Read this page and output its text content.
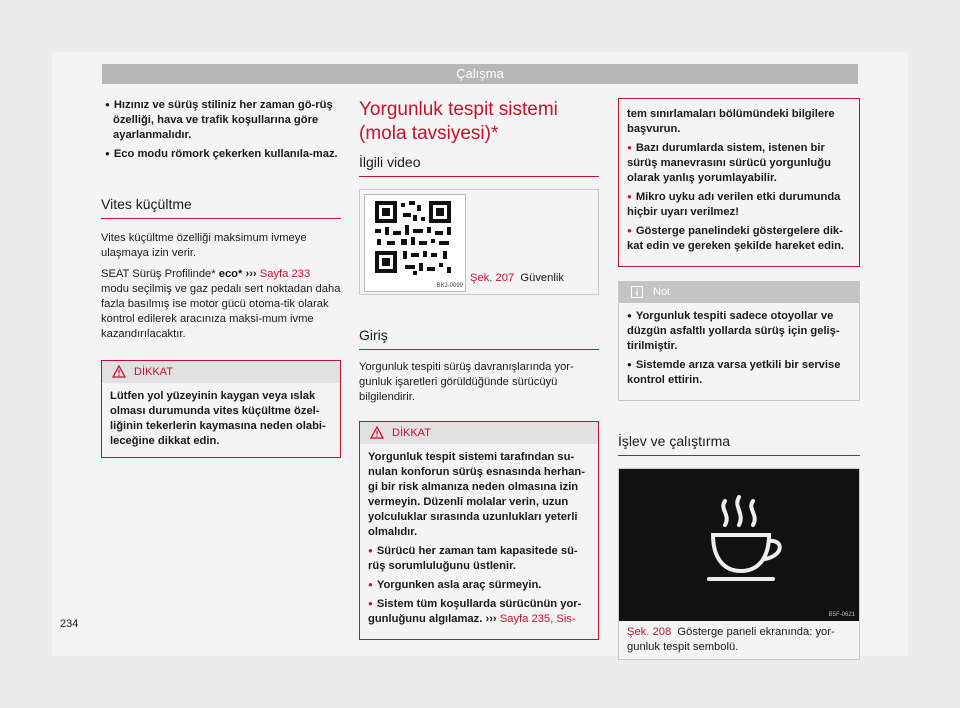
Çalışma
● Hızınız ve sürüş stiliniz her zaman gö-rüş özelliği, hava ve trafik koşullarına göre ayarlanmalıdır.
● Eco modu römork çekerken kullanıla-maz.
Vites küçültme
Vites küçültme özelliği maksimum ivmeye ulaşmaya izin verir.
SEAT Sürüş Profilinde* eco* ››› Sayfa 233 modu seçilmiş ve gaz pedalı sert noktadan daha fazla basılmış ise motor gücü otoma-tik olarak kontrol edilerek aracınıza maksi-mum ivme kazandırılacaktır.
DİKKAT
Lütfen yol yüzeyinin kaygan veya ıslak olması durumunda vites küçültme özel-liğinin tekerlerin kaymasına neden olabi-leceğine dikkat edin.
Yorgunluk tespit sistemi (mola tavsiyesi)*
İlgili video
BKJ-0099
Şek. 207 Güvenlik
Giriş
Yorgunluk tespiti sürüş davranışlarında yor-gunluk işaretleri görüldüğünde sürücüyü bilgilendirir.
DİKKAT
Yorgunluk tespit sistemi tarafından su-nulan konforun sürüş esnasında herhan-gi bir risk almanıza neden olmasına izin vermeyin. Düzenli molalar verin, uzun yolculuklar sırasında uzunlukları yeterli olmalıdır.
● Sürücü her zaman tam kapasitede sü-rüş sorumluluğunu üstlenir.
● Yorgunken asla araç sürmeyin.
● Sistem tüm koşullarda sürücünün yor-gunluğunu algılamaz. ››› Sayfa 235, Sis-
tem sınırlamaları bölümündeki bilgilere başvurun.
● Bazı durumlarda sistem, istenen bir sürüş manevrasını sürücü yorgunluğu olarak yanlış yorumlayabilir.
● Mikro uyku adı verilen etki durumunda hiçbir uyarı verilmez!
● Gösterge panelindeki göstergelere dik-kat edin ve gereken şekilde hareket edin.
Not
● Yorgunluk tespiti sadece otoyollar ve düzgün asfaltlı yollarda sürüş için geliş-tirilmiştir.
● Sistemde arıza varsa yetkili bir servise kontrol ettirin.
İşlev ve çalıştırma
B5F-0621
Şek. 208 Gösterge paneli ekranında: yor-gunluk tespit sembolü.
234
